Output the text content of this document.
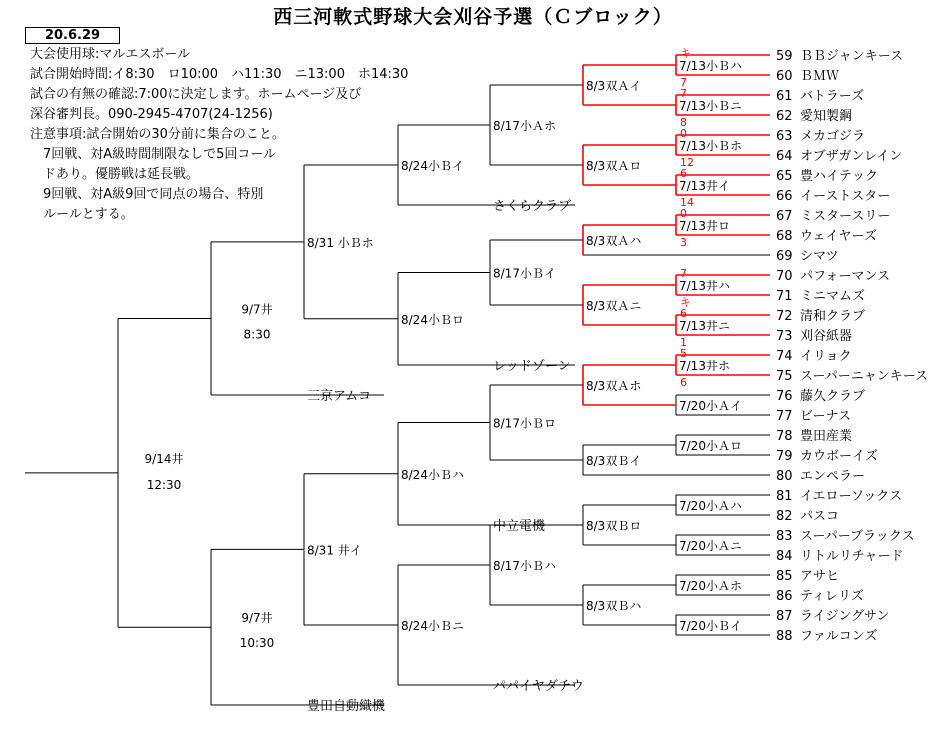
西三河軟式野球大会刈谷予選（Ｃブロック）
20.6.29
大会使用球:マルエスボール
試合開始時間:イ8:30　ロ10:00　ハ11:30　ニ13:00　ホ14:30
試合の有無の確認:7:00に決定します。ホームページ及び
深谷審判長。090-2945-4707(24-1256)
注意事項:試合開始の30分前に集合のこと。
　7回戦、対A級時間制限なしで5回コール
　ドあり。優勝戦は延長戦。
　9回戦、対A級9回で同点の場合、特別
　ルールとする。
59 ＢＢジャンキース
60 ＢＭＷ
61 バトラーズ
62 愛知製鋼
63 メカゴジラ
64 オブザガンレイン
65 豊ハイテック
66 イーストスター
67 ミスタースリー
68 ウェイヤーズ
69 シマツ
70 パフォーマンス
71 ミニマムズ
72 清和クラブ
73 刈谷紙器
74 イリョク
75 スーパーニャンキース
76 藤久クラブ
77 ビーナス
78 豊田産業
79 カウボーイズ
80 エンペラー
81 イエローソックス
82 パスコ
83 スーパーブラックス
84 リトルリチャード
85 アサヒ
86 ティレリズ
87 ライジングサン
88 ファルコンズ
7/13小Ｂハ
キ
7
7/13小Ｂニ
7
8
7/13小Ｂホ
0
12
7/13井イ
6
14
7/13井ロ
0
3
7/13井ハ
7
キ
7/13井ニ
6
1
7/13井ホ
5
6
7/20小Ａイ
7/20小Ａロ
7/20小Ａハ
7/20小Ａニ
7/20小Ａホ
7/20小Ｂイ
8/3双Ａイ
8/3双Ａロ
8/3双Ａハ
8/3双Ａニ
8/3双Ａホ
8/3双Ｂイ
8/3双Ｂロ
8/3双Ｂハ
8/17小Ａホ
8/17小Ｂイ
8/17小Ｂロ
8/17小Ｂハ
さくらクラブ
8/24小Ｂイ
レッドゾーン
8/24小Ｂロ
中立電機
8/24小Ｂハ
パパイヤダチウ
8/24小Ｂニ
8/31 小Ｂホ
8/31 井イ
三京アムコ
9/7井
8:30
豊田自動織機
9/7井
10:30
9/14井
12:30
